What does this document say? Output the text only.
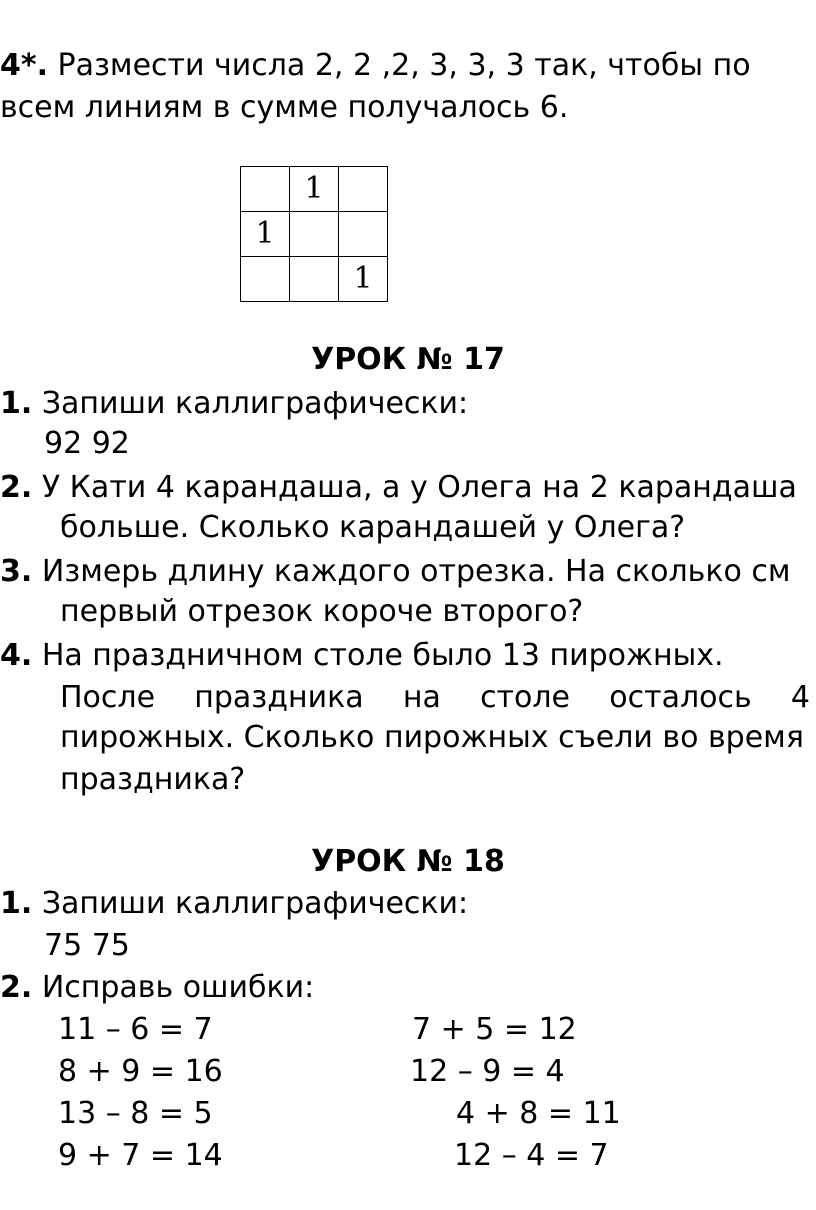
4*. Размести числа 2, 2 ,2, 3, 3, 3 так, чтобы по
всем линиям в сумме получалось 6.
	1	
1		
		1
УРОК № 17
1. Запиши каллиграфически:
92 92
2. У Кати 4 карандаша, а у Олега на 2 карандаша
больше. Сколько карандашей у Олега?
3. Измерь длину каждого отрезка. На сколько см
первый отрезок короче второго?
4. На праздничном столе было 13 пирожных.
После праздника на столе осталось 4
пирожных. Сколько пирожных съели во время
праздника?
УРОК № 18
1. Запиши каллиграфически:
75 75
2. Исправь ошибки:
11 – 6 = 7	7 + 5 = 12
8 + 9 = 16	12 – 9 = 4
13 – 8 = 5	4 + 8 = 11
9 + 7 = 14	12 – 4 = 7
